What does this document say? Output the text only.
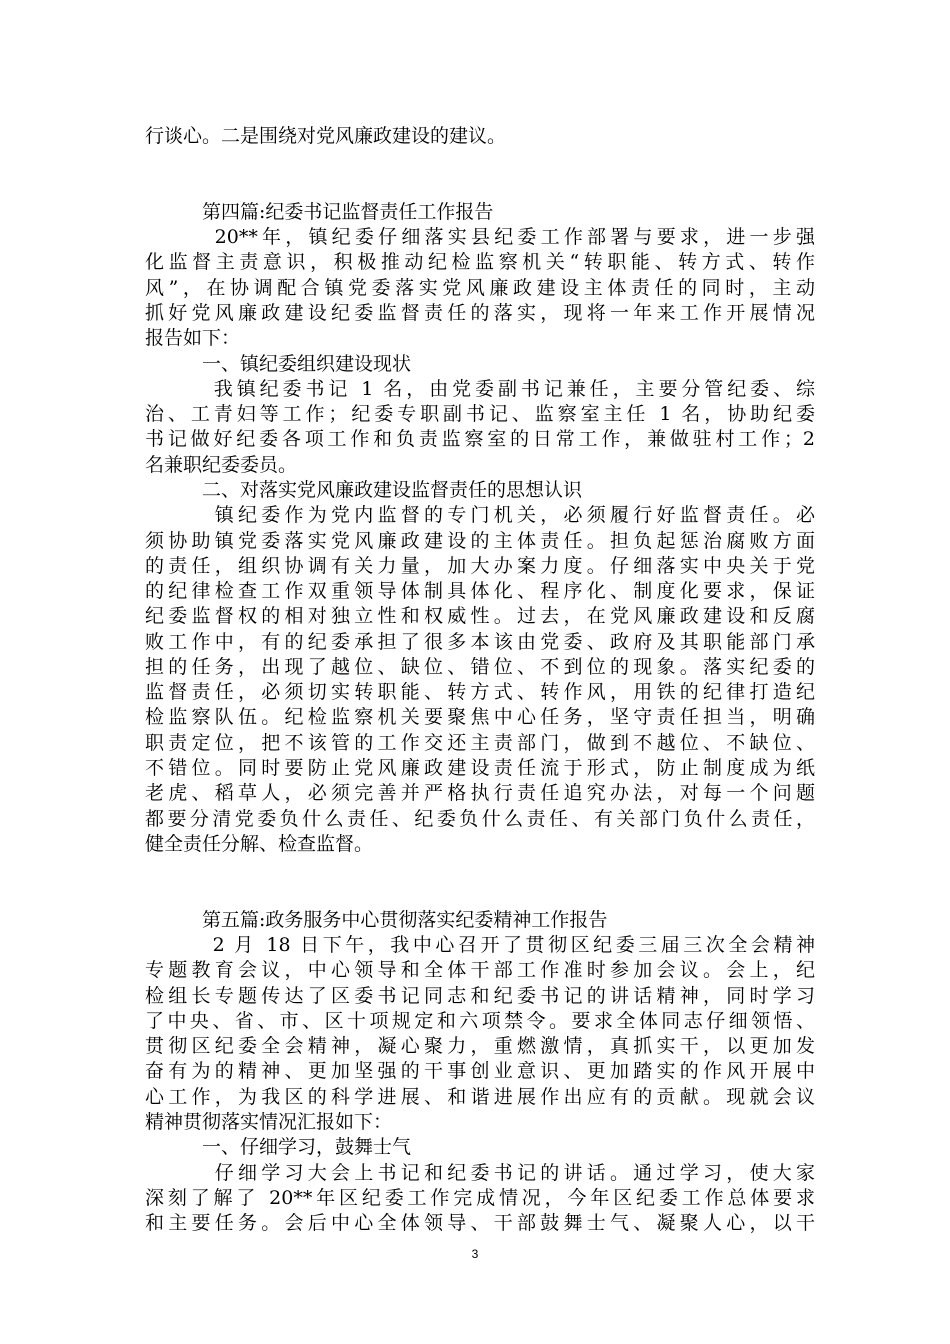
行谈心。二是围绕对党风廉政建设的建议。
　　　第四篇:纪委书记监督责任工作报告
　　　20**年，镇纪委仔细落实县纪委工作部署与要求，进一步强
化监督主责意识，积极推动纪检监察机关“转职能、转方式、转作
风”，在协调配合镇党委落实党风廉政建设主体责任的同时，主动
抓好党风廉政建设纪委监督责任的落实，现将一年来工作开展情况
报告如下：
　　　一、镇纪委组织建设现状
　　　我镇纪委书记 1 名，由党委副书记兼任，主要分管纪委、综
治、工青妇等工作；纪委专职副书记、监察室主任 1 名，协助纪委
书记做好纪委各项工作和负责监察室的日常工作，兼做驻村工作；2
名兼职纪委委员。
　　　二、对落实党风廉政建设监督责任的思想认识
　　　镇纪委作为党内监督的专门机关，必须履行好监督责任。必
须协助镇党委落实党风廉政建设的主体责任。担负起惩治腐败方面
的责任，组织协调有关力量，加大办案力度。仔细落实中央关于党
的纪律检查工作双重领导体制具体化、程序化、制度化要求，保证
纪委监督权的相对独立性和权威性。过去，在党风廉政建设和反腐
败工作中，有的纪委承担了很多本该由党委、政府及其职能部门承
担的任务，出现了越位、缺位、错位、不到位的现象。落实纪委的
监督责任，必须切实转职能、转方式、转作风，用铁的纪律打造纪
检监察队伍。纪检监察机关要聚焦中心任务，坚守责任担当，明确
职责定位，把不该管的工作交还主责部门，做到不越位、不缺位、
不错位。同时要防止党风廉政建设责任流于形式，防止制度成为纸
老虎、稻草人，必须完善并严格执行责任追究办法，对每一个问题
都要分清党委负什么责任、纪委负什么责任、有关部门负什么责任，
健全责任分解、检查监督。
　　　第五篇:政务服务中心贯彻落实纪委精神工作报告
　　　2 月 18 日下午，我中心召开了贯彻区纪委三届三次全会精神
专题教育会议，中心领导和全体干部工作准时参加会议。会上，纪
检组长专题传达了区委书记同志和纪委书记的讲话精神，同时学习
了中央、省、市、区十项规定和六项禁令。要求全体同志仔细领悟、
贯彻区纪委全会精神，凝心聚力，重燃激情，真抓实干，以更加发
奋有为的精神、更加坚强的干事创业意识、更加踏实的作风开展中
心工作，为我区的科学进展、和谐进展作出应有的贡献。现就会议
精神贯彻落实情况汇报如下：
　　　一、仔细学习，鼓舞士气
　　　仔细学习大会上书记和纪委书记的讲话。通过学习，使大家
深刻了解了 20**年区纪委工作完成情况，今年区纪委工作总体要求
和主要任务。会后中心全体领导、干部鼓舞士气、凝聚人心，以干
3
